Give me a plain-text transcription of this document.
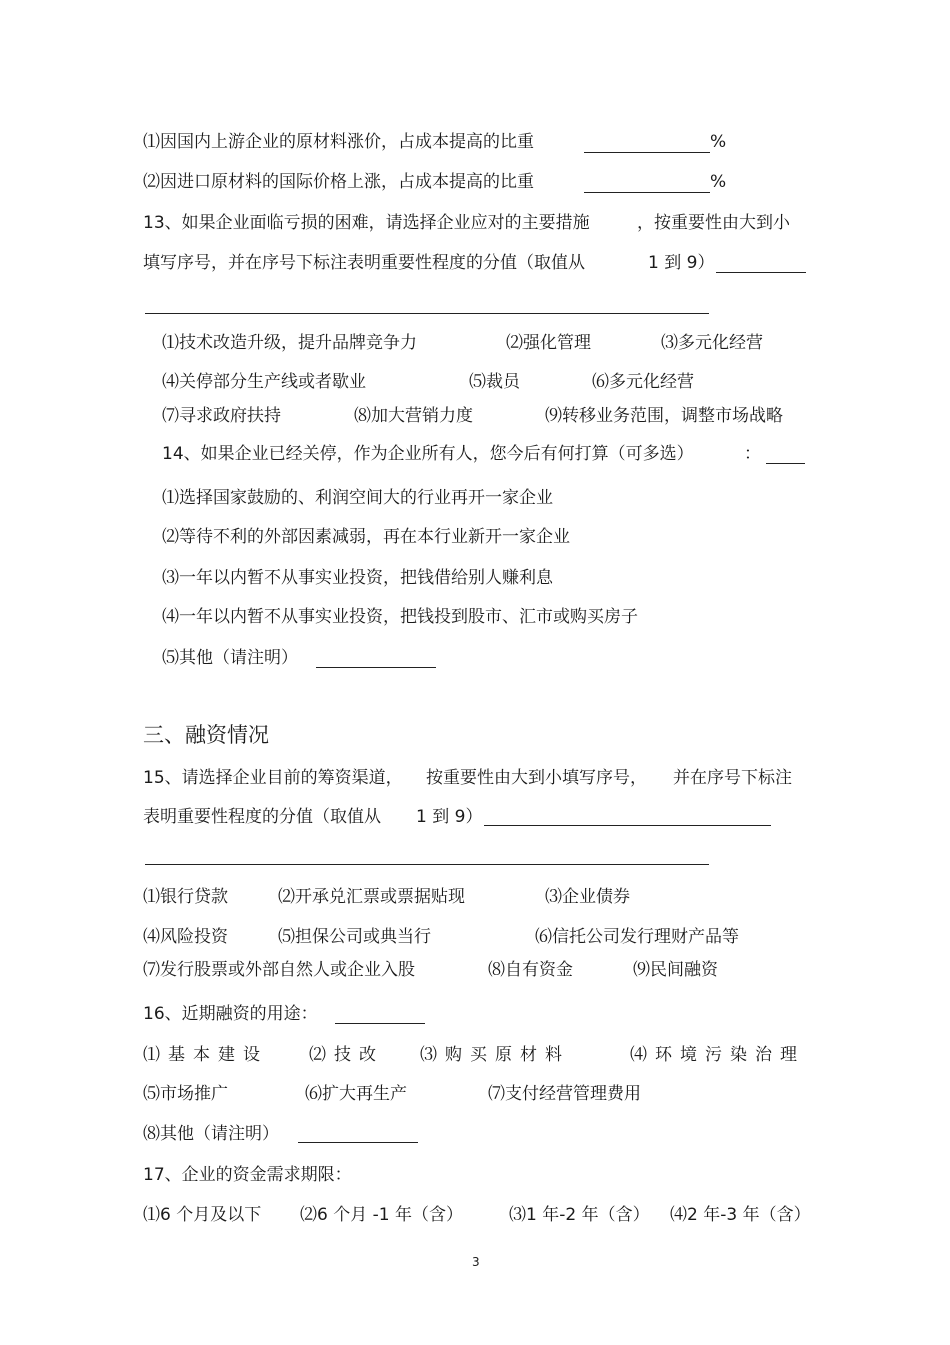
⑴因国内上游企业的原材料涨价，占成本提高的比重	%
⑵因进口原材料的国际价格上涨，占成本提高的比重	%
13、如果企业面临亏损的困难，请选择企业应对的主要措施	，按重要性由大到小
填写序号，并在序号下标注表明重要性程度的分值（取值从	1 到 9）
⑴技术改造升级，提升品牌竞争力	⑵强化管理	⑶多元化经营
⑷关停部分生产线或者歇业	⑸裁员	⑹多元化经营
⑺寻求政府扶持	⑻加大营销力度	⑼转移业务范围，调整市场战略
14、如果企业已经关停，作为企业所有人，您今后有何打算（可多选）	：
⑴选择国家鼓励的、利润空间大的行业再开一家企业
⑵等待不利的外部因素减弱，再在本行业新开一家企业
⑶一年以内暂不从事实业投资，把钱借给别人赚利息
⑷一年以内暂不从事实业投资，把钱投到股市、汇市或购买房子
⑸其他（请注明）
三、融资情况
15、请选择企业目前的筹资渠道， 按重要性由大到小填写序号， 并在序号下标注
表明重要性程度的分值（取值从 1 到 9）
⑴银行贷款	⑵开承兑汇票或票据贴现	⑶企业债券
⑷风险投资	⑸担保公司或典当行	⑹信托公司发行理财产品等
⑺发行股票或外部自然人或企业入股	⑻自有资金	⑼民间融资
16、近期融资的用途：
⑴基本建设 ⑵技改 ⑶购买原材料	⑷环境污染治理
⑸市场推广	⑹扩大再生产	⑺支付经营管理费用
⑻其他（请注明）
17、企业的资金需求期限：
⑴6 个月及以下 ⑵6 个月 -1 年（含）	⑶1 年-2 年（含） ⑷2 年-3 年（含）
3
